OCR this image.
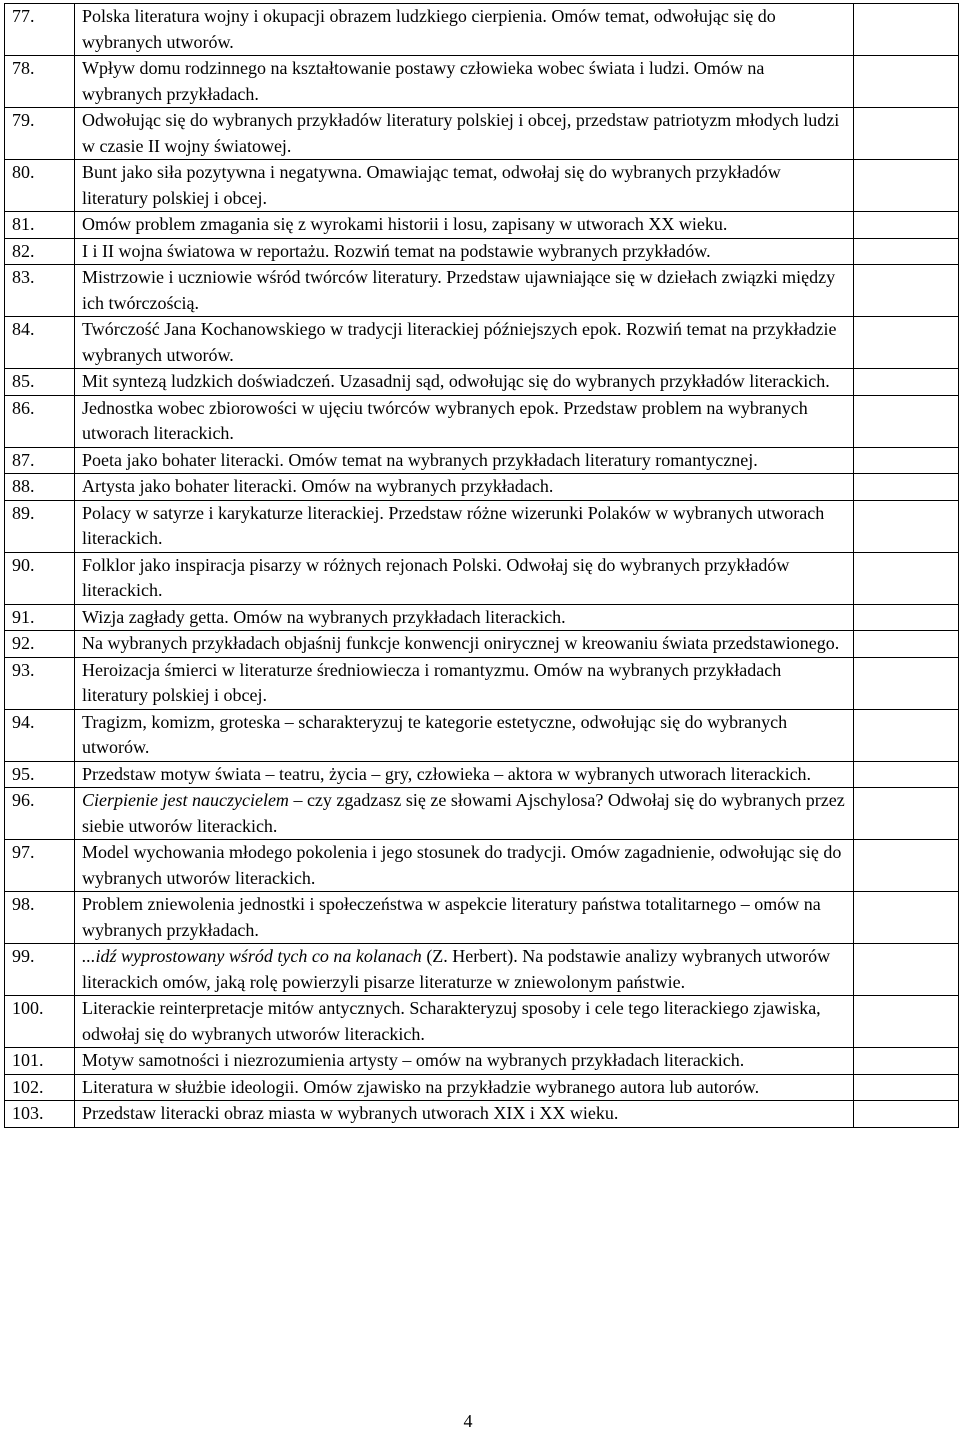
77.	Polska literatura wojny i okupacji obrazem ludzkiego cierpienia. Omów temat, odwołując się do wybranych utworów.	
78.	Wpływ domu rodzinnego na kształtowanie postawy człowieka wobec świata i ludzi. Omów na wybranych przykładach.	
79.	Odwołując się do wybranych przykładów literatury polskiej i obcej, przedstaw patriotyzm młodych ludzi w czasie II wojny światowej.	
80.	Bunt jako siła pozytywna i negatywna. Omawiając temat, odwołaj się do wybranych przykładów literatury polskiej i obcej.	
81.	Omów problem zmagania się z wyrokami historii i losu, zapisany w utworach XX wieku.	
82.	I i II wojna światowa w reportażu. Rozwiń temat na podstawie wybranych przykładów.	
83.	Mistrzowie i uczniowie wśród twórców literatury. Przedstaw ujawniające się w dziełach związki między ich twórczością.	
84.	Twórczość Jana Kochanowskiego w tradycji literackiej późniejszych epok. Rozwiń temat na przykładzie wybranych utworów.	
85.	Mit syntezą ludzkich doświadczeń. Uzasadnij sąd, odwołując się do wybranych przykładów literackich.	
86.	Jednostka wobec zbiorowości w ujęciu twórców wybranych epok. Przedstaw problem na wybranych utworach literackich.	
87.	Poeta jako bohater literacki. Omów temat na wybranych przykładach literatury romantycznej.	
88.	Artysta jako bohater literacki. Omów na wybranych przykładach.	
89.	Polacy w satyrze i karykaturze literackiej. Przedstaw różne wizerunki Polaków w wybranych utworach literackich.	
90.	Folklor jako inspiracja pisarzy w różnych rejonach Polski. Odwołaj się do wybranych przykładów literackich.	
91.	Wizja zagłady getta. Omów na wybranych przykładach literackich.	
92.	Na wybranych przykładach objaśnij funkcje konwencji onirycznej w kreowaniu świata przedstawionego.	
93.	Heroizacja śmierci w literaturze średniowiecza i romantyzmu. Omów na wybranych przykładach literatury polskiej i obcej.	
94.	Tragizm, komizm, groteska – scharakteryzuj te kategorie estetyczne, odwołując się do wybranych utworów.	
95.	Przedstaw motyw świata – teatru, życia – gry, człowieka – aktora w wybranych utworach literackich.	
96.	Cierpienie jest nauczycielem – czy zgadzasz się ze słowami Ajschylosa? Odwołaj się do wybranych przez siebie utworów literackich.	
97.	Model wychowania młodego pokolenia i jego stosunek do tradycji. Omów zagadnienie, odwołując się do wybranych utworów literackich.	
98.	Problem zniewolenia jednostki i społeczeństwa w aspekcie literatury państwa totalitarnego – omów na wybranych przykładach.	
99.	...idź wyprostowany wśród tych co na kolanach (Z. Herbert). Na podstawie analizy wybranych utworów literackich omów, jaką rolę powierzyli pisarze literaturze w zniewolonym państwie.	
100.	Literackie reinterpretacje mitów antycznych. Scharakteryzuj sposoby i cele tego literackiego zjawiska, odwołaj się do wybranych utworów literackich.	
101.	Motyw samotności i niezrozumienia artysty – omów na wybranych przykładach literackich.	
102.	Literatura w służbie ideologii. Omów zjawisko na przykładzie wybranego autora lub autorów.	
103.	Przedstaw literacki obraz miasta w wybranych utworach XIX i XX wieku.	
4
